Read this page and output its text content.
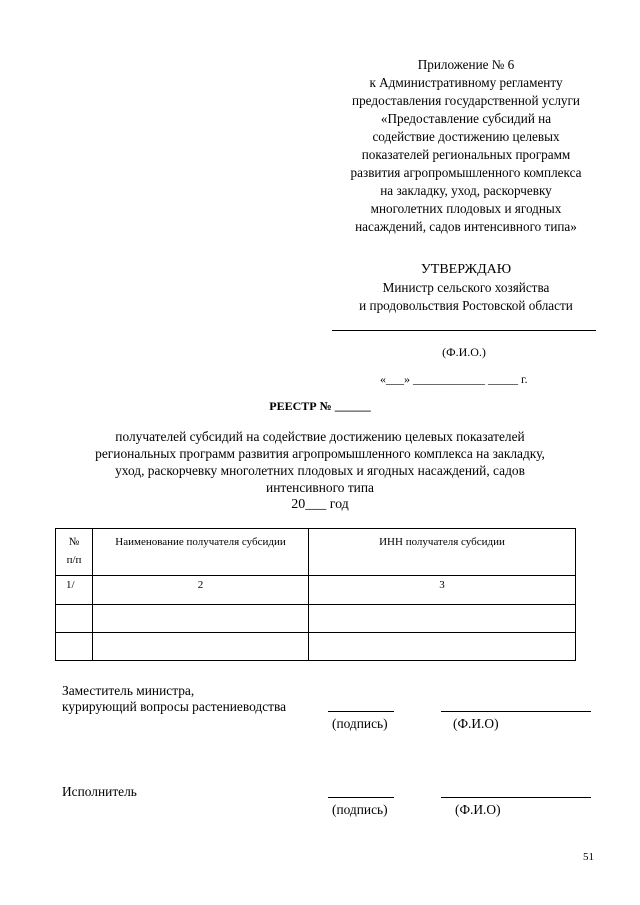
Приложение № 6
к Административному регламенту
предоставления государственной услуги
«Предоставление субсидий на
содействие достижению целевых
показателей региональных программ
развития агропромышленного комплекса
на закладку, уход, раскорчевку
многолетних плодовых и ягодных
насаждений, садов интенсивного типа»
УТВЕРЖДАЮ
Министр сельского хозяйства
и продовольствия Ростовской области
(Ф.И.О.)
«___» ____________ _____ г.
РЕЕСТР № ______
получателей субсидий на содействие достижению целевых показателей
региональных программ развития агропромышленного комплекса на закладку,
уход, раскорчевку многолетних плодовых и ягодных насаждений, садов
интенсивного типа
20___ год
№
п/п	Наименование получателя субсидии	ИНН получателя субсидии

1/	2	3

Заместитель министра,
курирующий вопросы растениеводства
(подпись)	(Ф.И.О)
Исполнитель
(подпись)	(Ф.И.О)
51
